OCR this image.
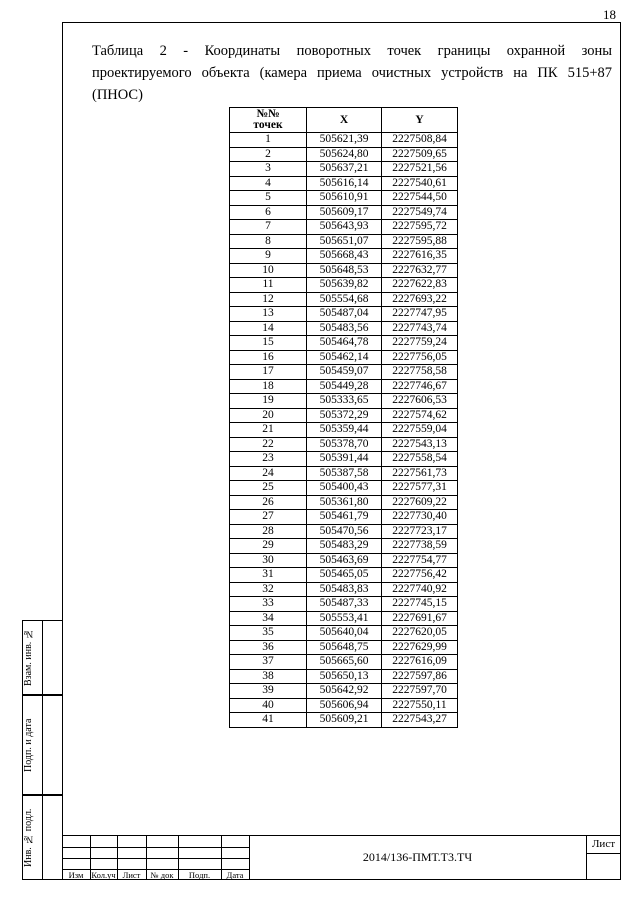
18
Таблица 2 - Координаты поворотных точек границы охранной зоны
проектируемого объекта (камера приема очистных устройств на ПК 515+87
(ПНОС)
№№ точек	X	Y
1	505621,39	2227508,84
2	505624,80	2227509,65
3	505637,21	2227521,56
4	505616,14	2227540,61
5	505610,91	2227544,50
6	505609,17	2227549,74
7	505643,93	2227595,72
8	505651,07	2227595,88
9	505668,43	2227616,35
10	505648,53	2227632,77
11	505639,82	2227622,83
12	505554,68	2227693,22
13	505487,04	2227747,95
14	505483,56	2227743,74
15	505464,78	2227759,24
16	505462,14	2227756,05
17	505459,07	2227758,58
18	505449,28	2227746,67
19	505333,65	2227606,53
20	505372,29	2227574,62
21	505359,44	2227559,04
22	505378,70	2227543,13
23	505391,44	2227558,54
24	505387,58	2227561,73
25	505400,43	2227577,31
26	505361,80	2227609,22
27	505461,79	2227730,40
28	505470,56	2227723,17
29	505483,29	2227738,59
30	505463,69	2227754,77
31	505465,05	2227756,42
32	505483,83	2227740,92
33	505487,33	2227745,15
34	505553,41	2227691,67
35	505640,04	2227620,05
36	505648,75	2227629,99
37	505665,60	2227616,09
38	505650,13	2227597,86
39	505642,92	2227597,70
40	505606,94	2227550,11
41	505609,21	2227543,27
Взам. инв. №
Подп. и дата
Инв. № подл.
Изм Кол.уч Лист	№ док	Подп.	Дата
2014/136-ПМТ.Т3.ТЧ
Лист
